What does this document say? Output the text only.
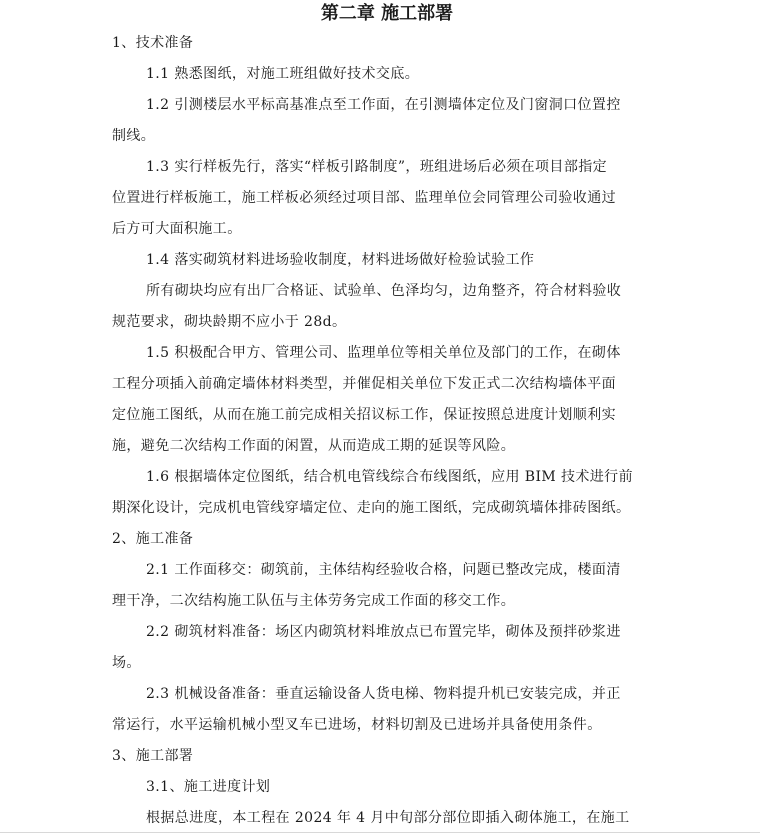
第二章 施工部署

1、技术准备

1.1 熟悉图纸，对施工班组做好技术交底。

1.2 引测楼层水平标高基准点至工作面，在引测墙体定位及门窗洞口位置控

制线。

1.3 实行样板先行，落实“样板引路制度”，班组进场后必须在项目部指定

位置进行样板施工，施工样板必须经过项目部、监理单位会同管理公司验收通过

后方可大面积施工。

1.4 落实砌筑材料进场验收制度，材料进场做好检验试验工作

所有砌块均应有出厂合格证、试验单、色泽均匀，边角整齐，符合材料验收

规范要求，砌块龄期不应小于 28d。

1.5 积极配合甲方、管理公司、监理单位等相关单位及部门的工作，在砌体

工程分项插入前确定墙体材料类型，并催促相关单位下发正式二次结构墙体平面

定位施工图纸，从而在施工前完成相关招议标工作，保证按照总进度计划顺利实

施，避免二次结构工作面的闲置，从而造成工期的延误等风险。

1.6 根据墙体定位图纸，结合机电管线综合布线图纸，应用 BIM 技术进行前

期深化设计，完成机电管线穿墙定位、走向的施工图纸，完成砌筑墙体排砖图纸。

2、施工准备

2.1 工作面移交：砌筑前，主体结构经验收合格，问题已整改完成，楼面清

理干净，二次结构施工队伍与主体劳务完成工作面的移交工作。

2.2 砌筑材料准备：场区内砌筑材料堆放点已布置完毕，砌体及预拌砂浆进

场。

2.3 机械设备准备：垂直运输设备人货电梯、物料提升机已安装完成，并正

常运行，水平运输机械小型叉车已进场，材料切割及已进场并具备使用条件。

3、施工部署

3.1、施工进度计划

根据总进度，本工程在 2024 年 4 月中旬部分部位即插入砌体施工，在施工
